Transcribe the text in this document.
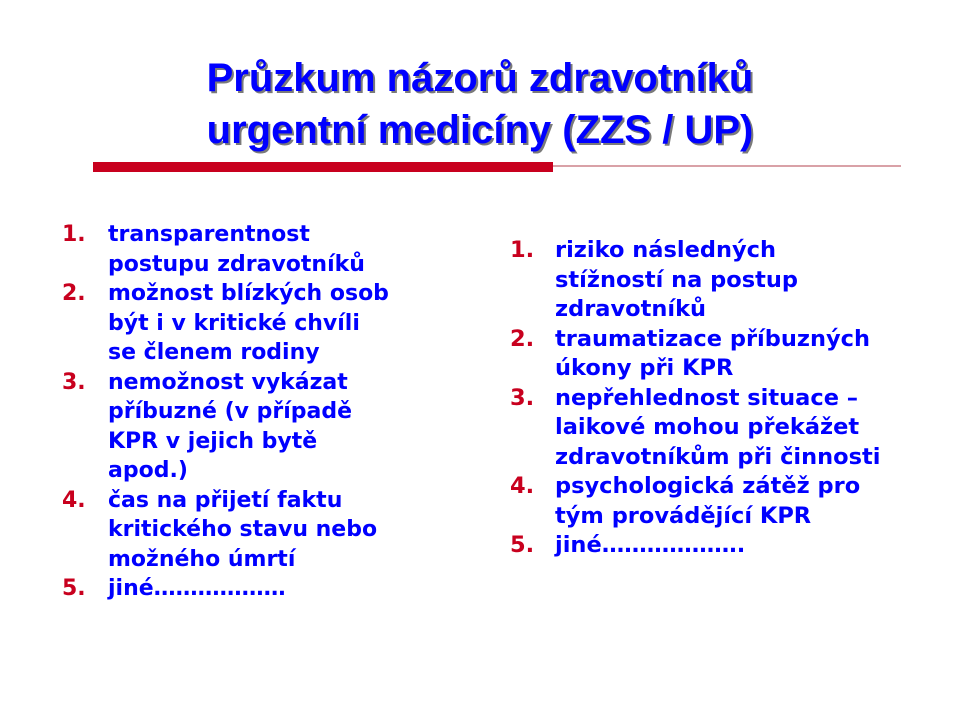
Průzkum názorů zdravotníků
urgentní medicíny (ZZS / UP)
1.	transparentnost
postupu zdravotníků
2.	možnost blízkých osob
být i v kritické chvíli
se členem rodiny
3.	nemožnost vykázat
příbuzné (v případě
KPR v jejich bytě
apod.)
4.	čas na přijetí faktu
kritického stavu nebo
možného úmrtí
5.	jiné………………
1. riziko následných
stížností na postup
zdravotníků
2. traumatizace příbuzných
úkony při KPR
3. nepřehlednost situace –
laikové mohou překážet
zdravotníkům při činnosti
4. psychologická zátěž pro
tým provádějící KPR
5. jiné……………….
